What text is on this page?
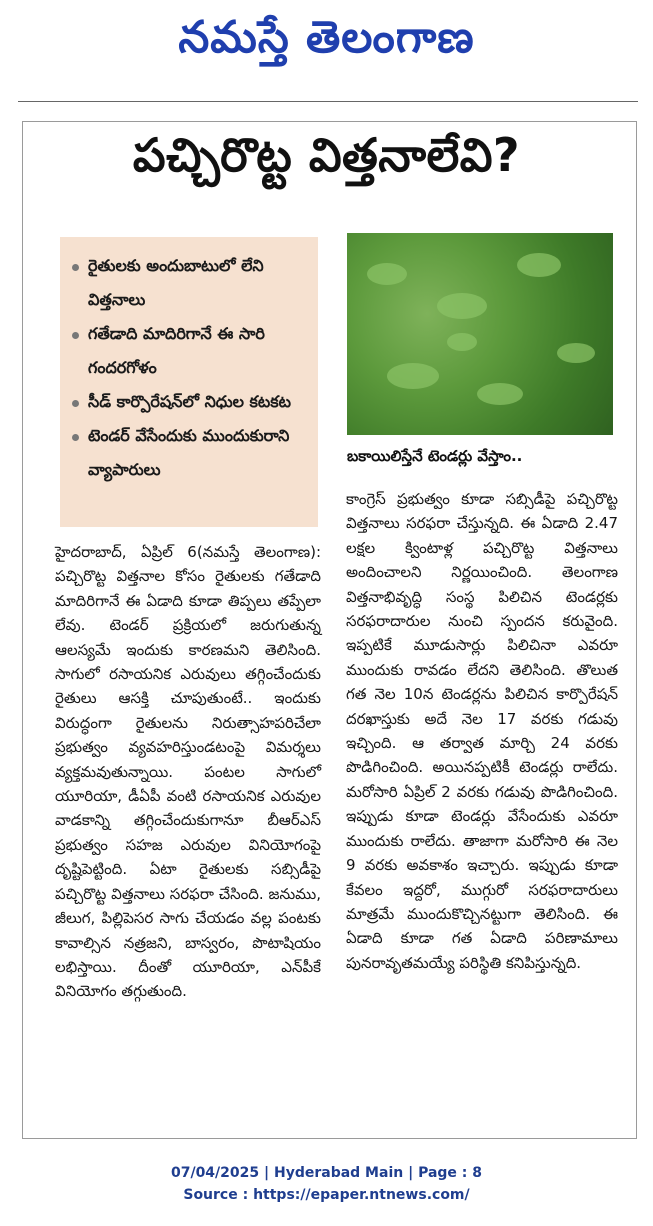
నమస్తే తెలంగాణ
పచ్చిరొట్ట విత్తనాలేవి?
రైతులకు అందుబాటులో లేని విత్తనాలు
గతేడాది మాదిరిగానే ఈ సారి గందరగోళం
సీడ్ కార్పొరేషన్‌లో నిధుల కటకట
టెండర్ వేసేందుకు ముందుకురాని వ్యాపారులు
బకాయిలిస్తేనే టెండర్లు వేస్తాం..

హైదరాబాద్, ఏప్రిల్ 6(నమస్తే తెలంగాణ): పచ్చిరొట్ట విత్తనాల కోసం రైతులకు గతేడాది మాదిరిగానే ఈ ఏడాది కూడా తిప్పలు తప్పేలా లేవు. టెండర్ ప్రక్రియలో జరుగుతున్న ఆలస్యమే ఇందుకు కారణమని తెలిసింది. సాగులో రసాయనిక ఎరువులు తగ్గించేందుకు రైతులు ఆసక్తి చూపుతుంటే.. ఇందుకు విరుద్ధంగా రైతులను నిరుత్సాహపరిచేలా ప్రభుత్వం వ్యవహరిస్తుండటంపై విమర్శలు వ్యక్తమవుతున్నాయి. పంటల సాగులో యూరియా, డీఏపీ వంటి రసాయనిక ఎరువుల వాడకాన్ని తగ్గించేందుకుగానూ బీఆర్‌ఎస్ ప్రభుత్వం సహజ ఎరువుల వినియోగంపై దృష్టిపెట్టింది. ఏటా రైతులకు సబ్సిడీపై పచ్చిరొట్ట విత్తనాలు సరఫరా చేసింది. జనుము, జీలుగ, పిల్లిపెసర సాగు చేయడం వల్ల పంటకు కావాల్సిన నత్రజని, బాస్వరం, పొటాషియం లభిస్తాయి. దీంతో యూరియా, ఎన్‌పీకే వినియోగం తగ్గుతుంది.

కాంగ్రెస్ ప్రభుత్వం కూడా సబ్సిడీపై పచ్చిరొట్ట విత్తనాలు సరఫరా చేస్తున్నది. ఈ ఏడాది 2.47 లక్షల క్వింటాళ్ల పచ్చిరొట్ట విత్తనాలు అందించాలని నిర్ణయించింది. తెలంగాణ విత్తనాభివృద్ధి సంస్థ పిలిచిన టెండర్లకు సరఫరాదారుల నుంచి స్పందన కరువైంది. ఇప్పటికే మూడుసార్లు పిలిచినా ఎవరూ ముందుకు రావడం లేదని తెలిసింది. తొలుత గత నెల 10న టెండర్లను పిలిచిన కార్పొరేషన్ దరఖాస్తుకు అదే నెల 17 వరకు గడువు ఇచ్చింది. ఆ తర్వాత మార్చి 24 వరకు పొడిగించింది. అయినప్పటికీ టెండర్లు రాలేదు. మరోసారి ఏప్రిల్ 2 వరకు గడువు పొడిగించింది. ఇప్పుడు కూడా టెండర్లు వేసేందుకు ఎవరూ ముందుకు రాలేదు. తాజాగా మరోసారి ఈ నెల 9 వరకు అవకాశం ఇచ్చారు. ఇప్పుడు కూడా కేవలం ఇద్దరో, ముగ్గురో సరఫరాదారులు మాత్రమే ముందుకొచ్చినట్టుగా తెలిసింది. ఈ ఏడాది కూడా గత ఏడాది పరిణామాలు పునరావృతమయ్యే పరిస్థితి కనిపిస్తున్నది.

07/04/2025 | Hyderabad Main | Page : 8
Source : https://epaper.ntnews.com/
